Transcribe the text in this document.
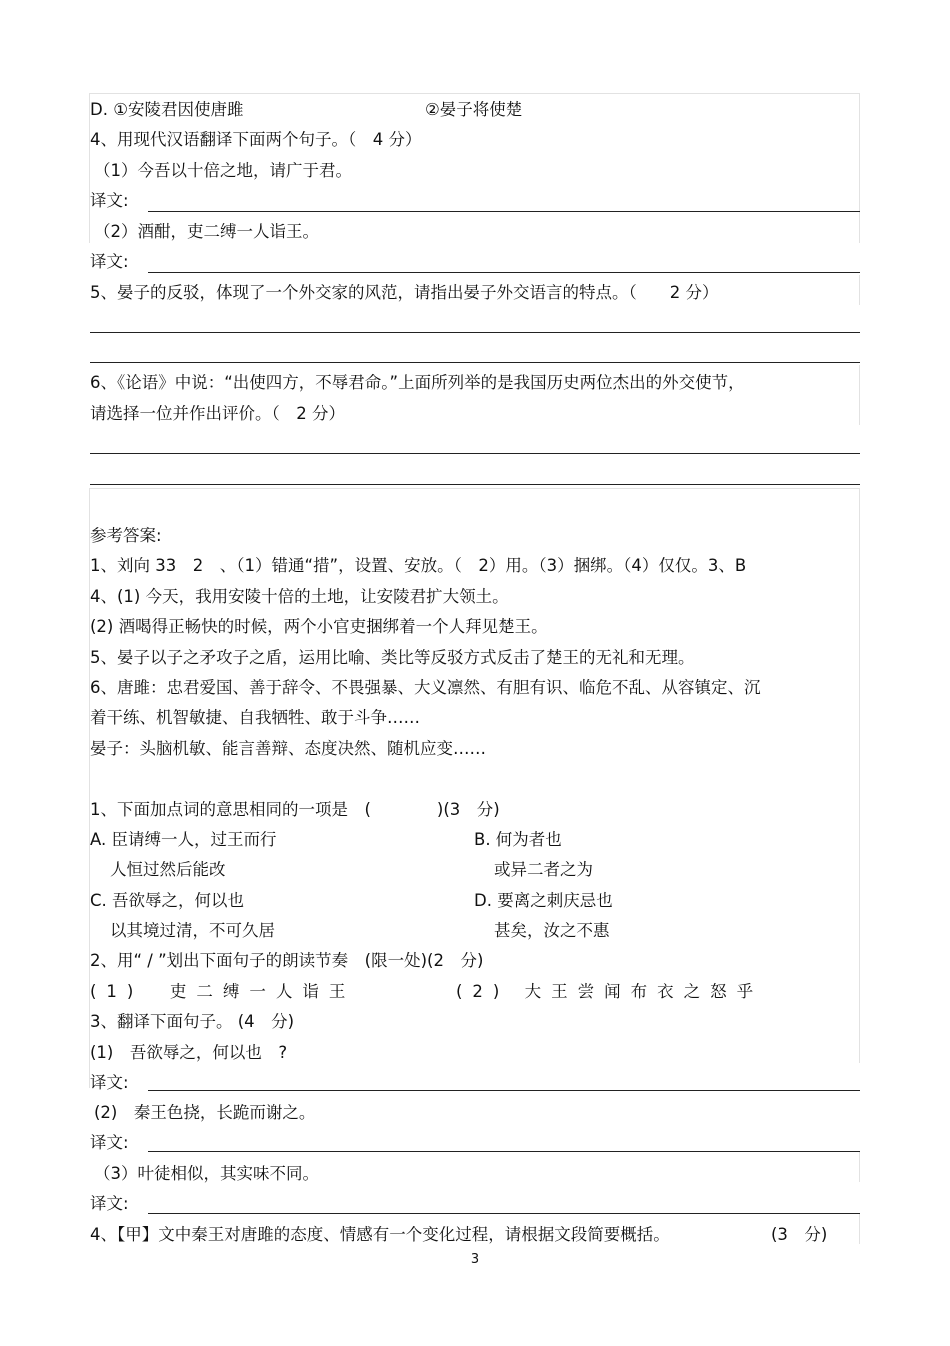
D. ①安陵君因使唐雎	②晏子将使楚
4、用现代汉语翻译下面两个句子。（　4 分）
（1）今吾以十倍之地，请广于君。
译文:
（2）酒酣，吏二缚一人诣王。
译文:
5、晏子的反驳，体现了一个外交家的风范，请指出晏子外交语言的特点。（　　2 分）
6、《论语》中说：“出使四方，不辱君命。”上面所列举的是我国历史两位杰出的外交使节，
请选择一位并作出评价。（　2 分）
参考答案:
1、刘向 33　2　、（1）错通“措”，设置、安放。（　2）用。（3）捆绑。（4）仅仅。3、B
4、(1) 今天，我用安陵十倍的土地，让安陵君扩大领土。
(2) 酒喝得正畅快的时候，两个小官吏捆绑着一个人拜见楚王。
5、晏子以子之矛攻子之盾，运用比喻、类比等反驳方式反击了楚王的无礼和无理。
6、唐雎：忠君爱国、善于辞令、不畏强暴、大义凛然、有胆有识、临危不乱、从容镇定、沉
着干练、机智敏捷、自我牺牲、敢于斗争……
晏子：头脑机敏、能言善辩、态度决然、随机应变……
1、下面加点词的意思相同的一项是　(　　　　)(3　分)
A. 臣请缚一人，过王而行	B. 何为者也
人恒过然后能改	或异二者之为
C. 吾欲辱之，何以也	D. 要离之刺庆忌也
以其境过清，不可久居	甚矣，汝之不惠
2、用“ / ”划出下面句子的朗读节奏　(限一处)(2　分)
(1)　吏二缚一人诣王	(2) 大王尝闻布衣之怒乎
3、翻译下面句子。 (4　分)
(1)　吾欲辱之，何以也　?
译文:
(2)　秦王色挠，长跪而谢之。
译文:
（3）叶徒相似，其实味不同。
译文:
4、【甲】文中秦王对唐雎的态度、情感有一个变化过程，请根据文段简要概括。	(3　分)
3
